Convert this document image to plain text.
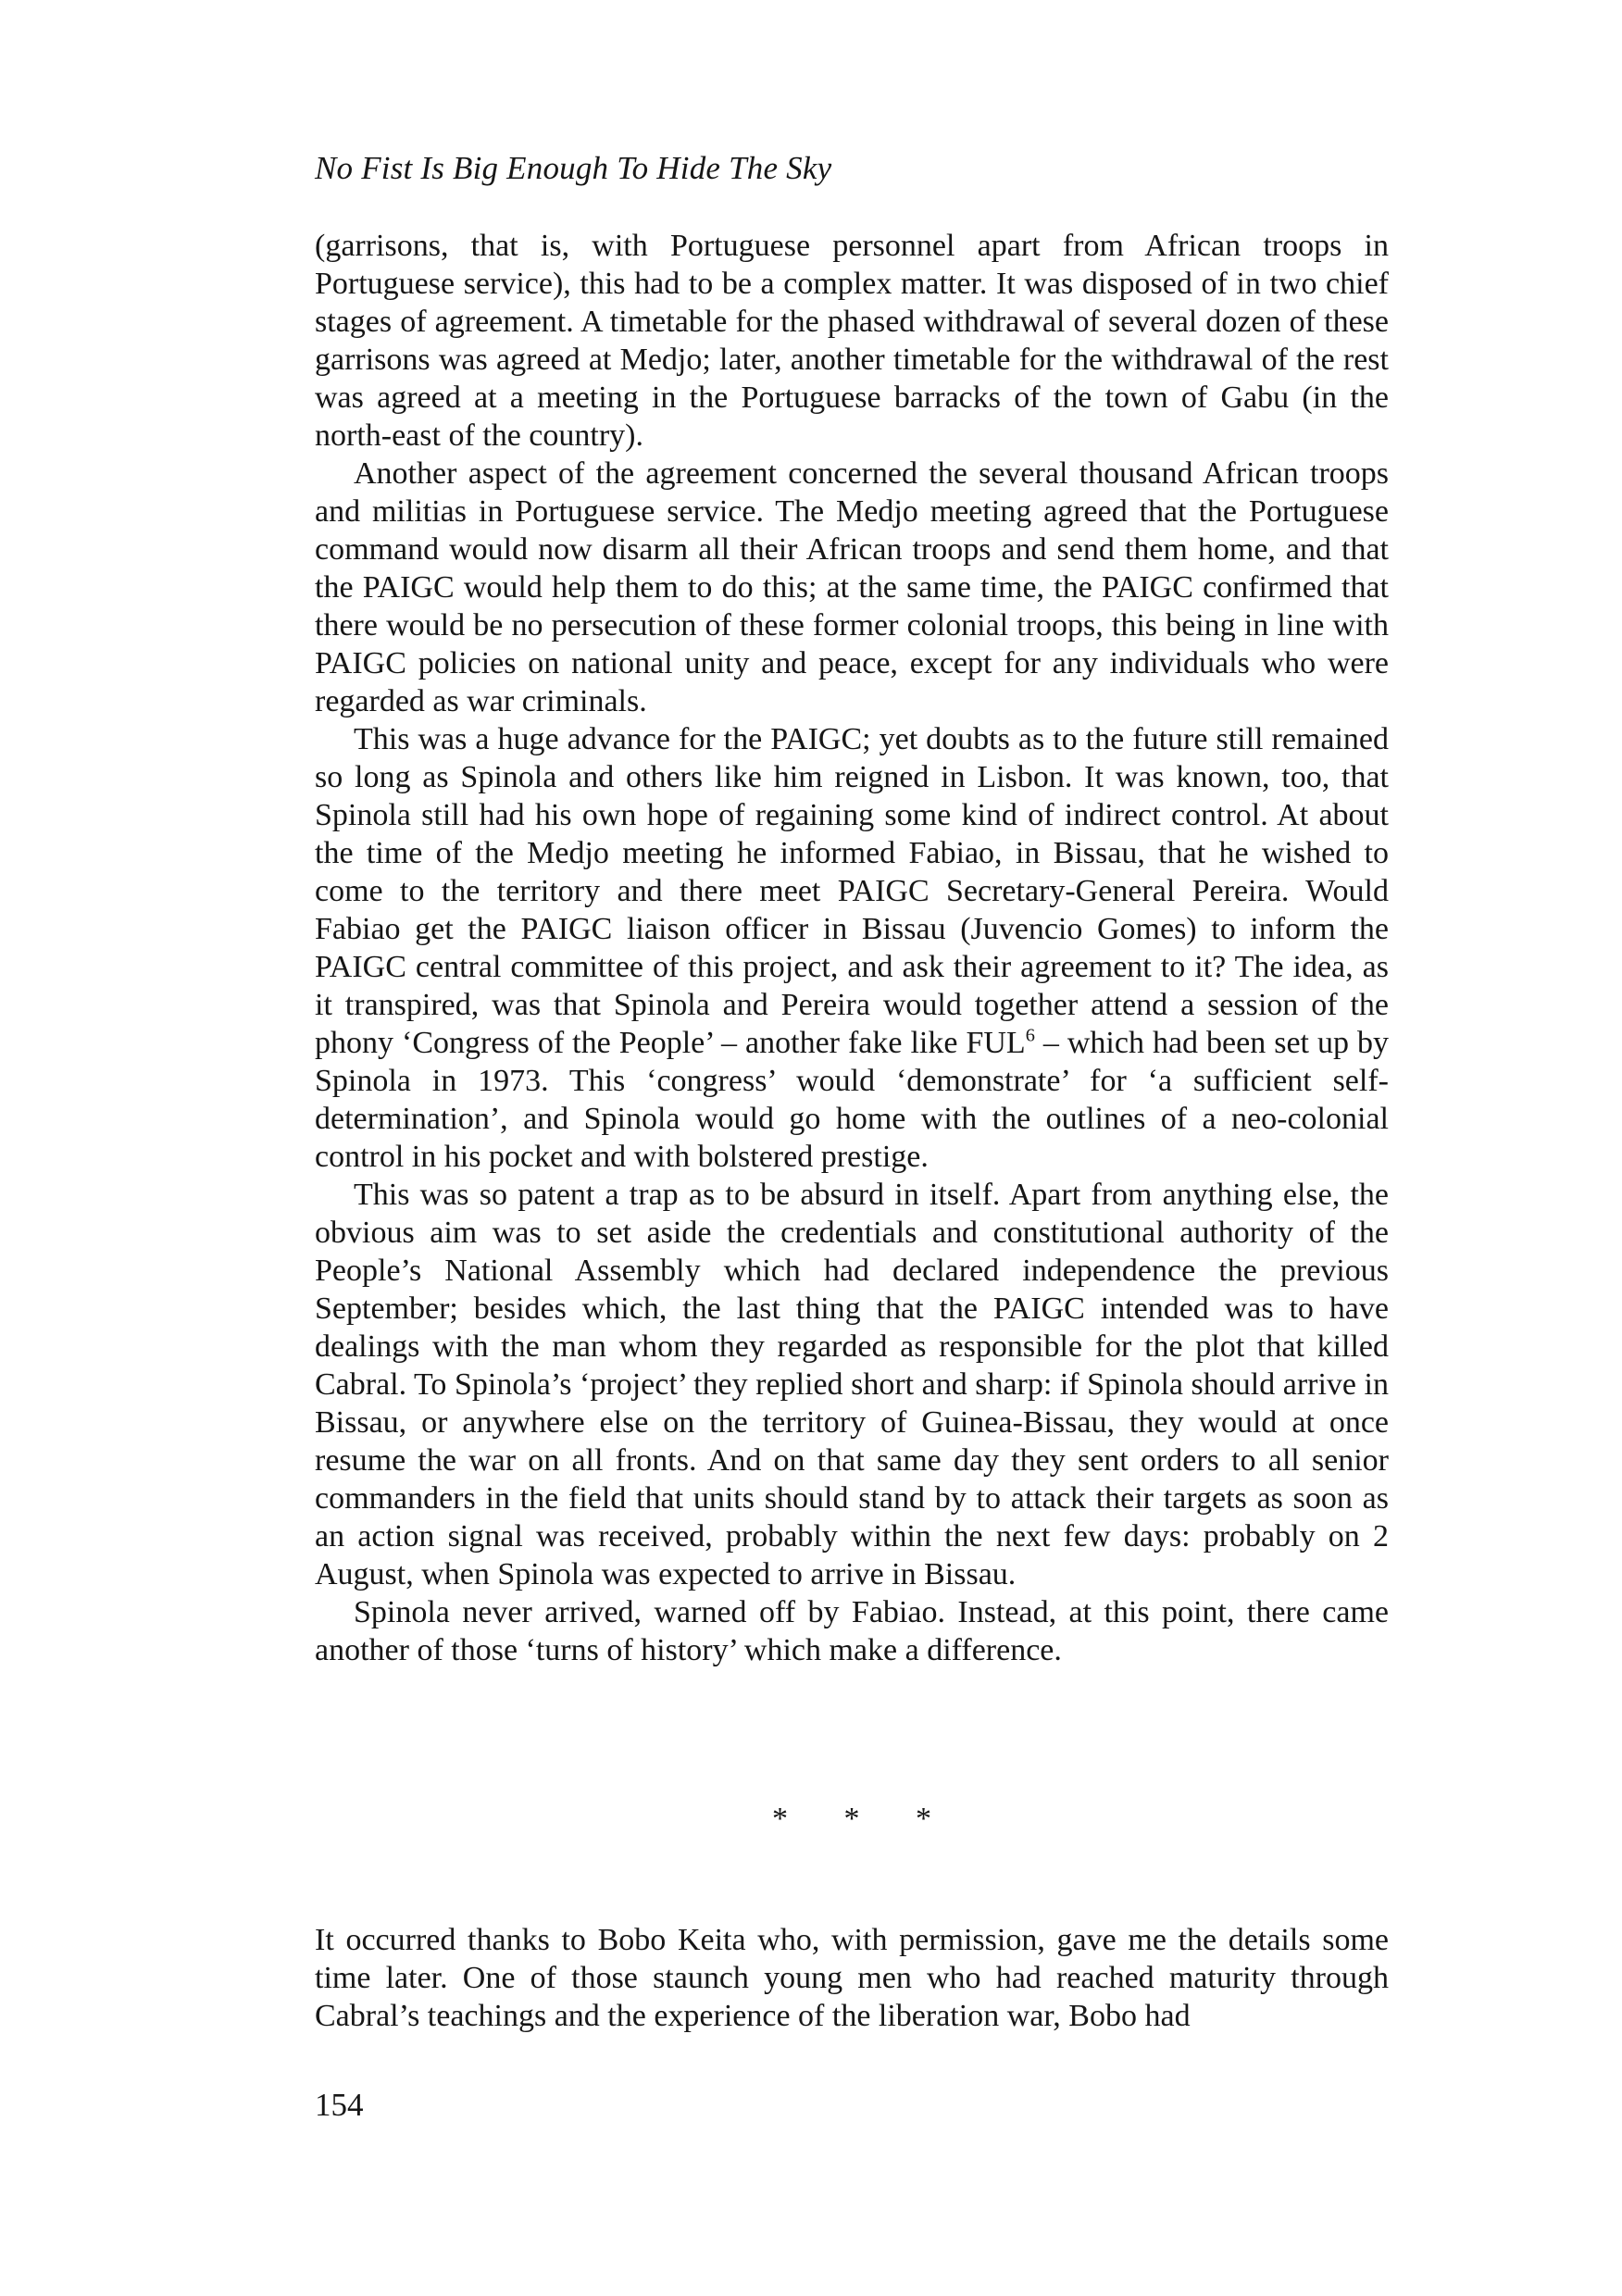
No Fist Is Big Enough To Hide The Sky

(garrisons, that is, with Portuguese personnel apart from African troops in Portuguese service), this had to be a complex matter. It was disposed of in two chief stages of agreement. A timetable for the phased withdrawal of several dozen of these garrisons was agreed at Medjo; later, another timetable for the withdrawal of the rest was agreed at a meeting in the Portuguese barracks of the town of Gabu (in the north-east of the country).

Another aspect of the agreement concerned the several thousand African troops and militias in Portuguese service. The Medjo meeting agreed that the Portuguese command would now disarm all their African troops and send them home, and that the PAIGC would help them to do this; at the same time, the PAIGC confirmed that there would be no persecution of these former colonial troops, this being in line with PAIGC policies on national unity and peace, except for any individuals who were regarded as war criminals.

This was a huge advance for the PAIGC; yet doubts as to the future still remained so long as Spinola and others like him reigned in Lisbon. It was known, too, that Spinola still had his own hope of regaining some kind of indirect control. At about the time of the Medjo meeting he informed Fabiao, in Bissau, that he wished to come to the territory and there meet PAIGC Secretary-General Pereira. Would Fabiao get the PAIGC liaison officer in Bissau (Juvencio Gomes) to inform the PAIGC central committee of this project, and ask their agreement to it? The idea, as it transpired, was that Spinola and Pereira would together attend a session of the phony ‘Congress of the People’ – another fake like FUL$^6$ – which had been set up by Spinola in 1973. This ‘congress’ would ‘demonstrate’ for ‘a sufficient self-determination’, and Spinola would go home with the outlines of a neo-colonial control in his pocket and with bolstered prestige.

This was so patent a trap as to be absurd in itself. Apart from anything else, the obvious aim was to set aside the credentials and constitutional authority of the People’s National Assembly which had declared independence the previous September; besides which, the last thing that the PAIGC intended was to have dealings with the man whom they regarded as responsible for the plot that killed Cabral. To Spinola’s ‘project’ they replied short and sharp: if Spinola should arrive in Bissau, or anywhere else on the territory of Guinea-Bissau, they would at once resume the war on all fronts. And on that same day they sent orders to all senior commanders in the field that units should stand by to attack their targets as soon as an action signal was received, probably within the next few days: probably on 2 August, when Spinola was expected to arrive in Bissau.

Spinola never arrived, warned off by Fabiao. Instead, at this point, there came another of those ‘turns of history’ which make a difference.

* * *

It occurred thanks to Bobo Keita who, with permission, gave me the details some time later. One of those staunch young men who had reached maturity through Cabral’s teachings and the experience of the liberation war, Bobo had

154
